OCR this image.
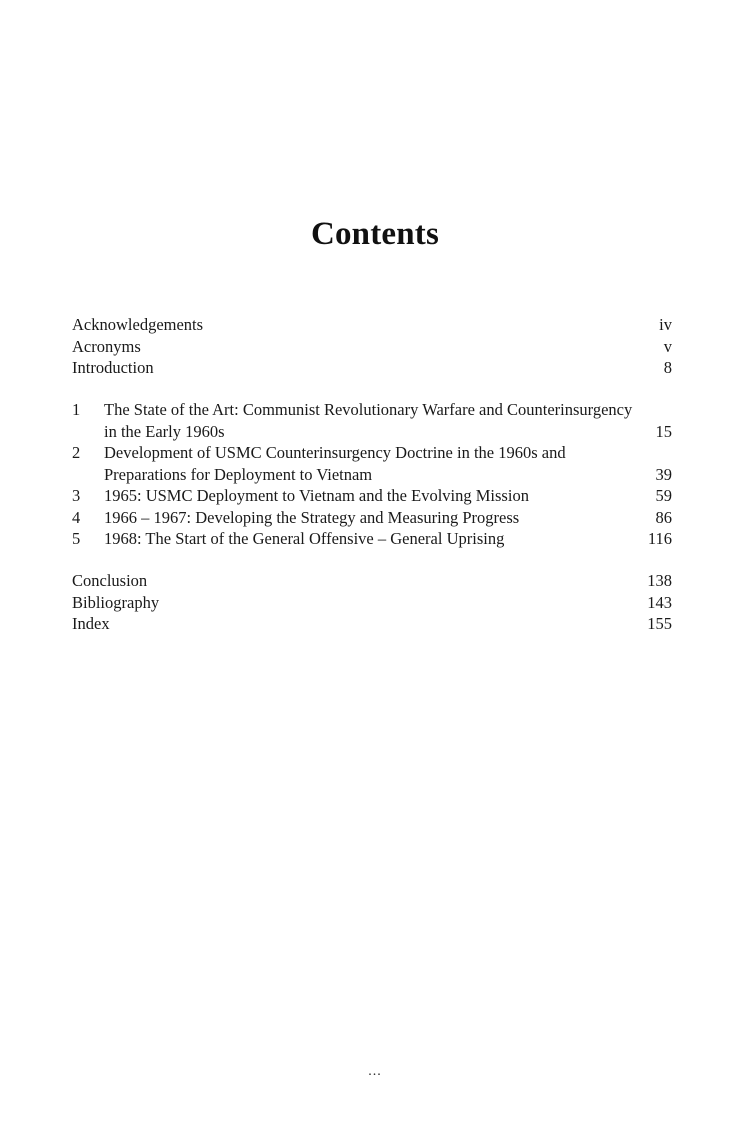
Contents
Acknowledgements	iv
Acronyms	v
Introduction	8
1	The State of the Art: Communist Revolutionary Warfare and Counterinsurgency
in the Early 1960s	15
2	Development of USMC Counterinsurgency Doctrine in the 1960s and
Preparations for Deployment to Vietnam	39
3	1965: USMC Deployment to Vietnam and the Evolving Mission	59
4	1966 – 1967: Developing the Strategy and Measuring Progress	86
5	1968: The Start of the General Offensive – General Uprising	116
Conclusion	138
Bibliography	143
Index	155
...
